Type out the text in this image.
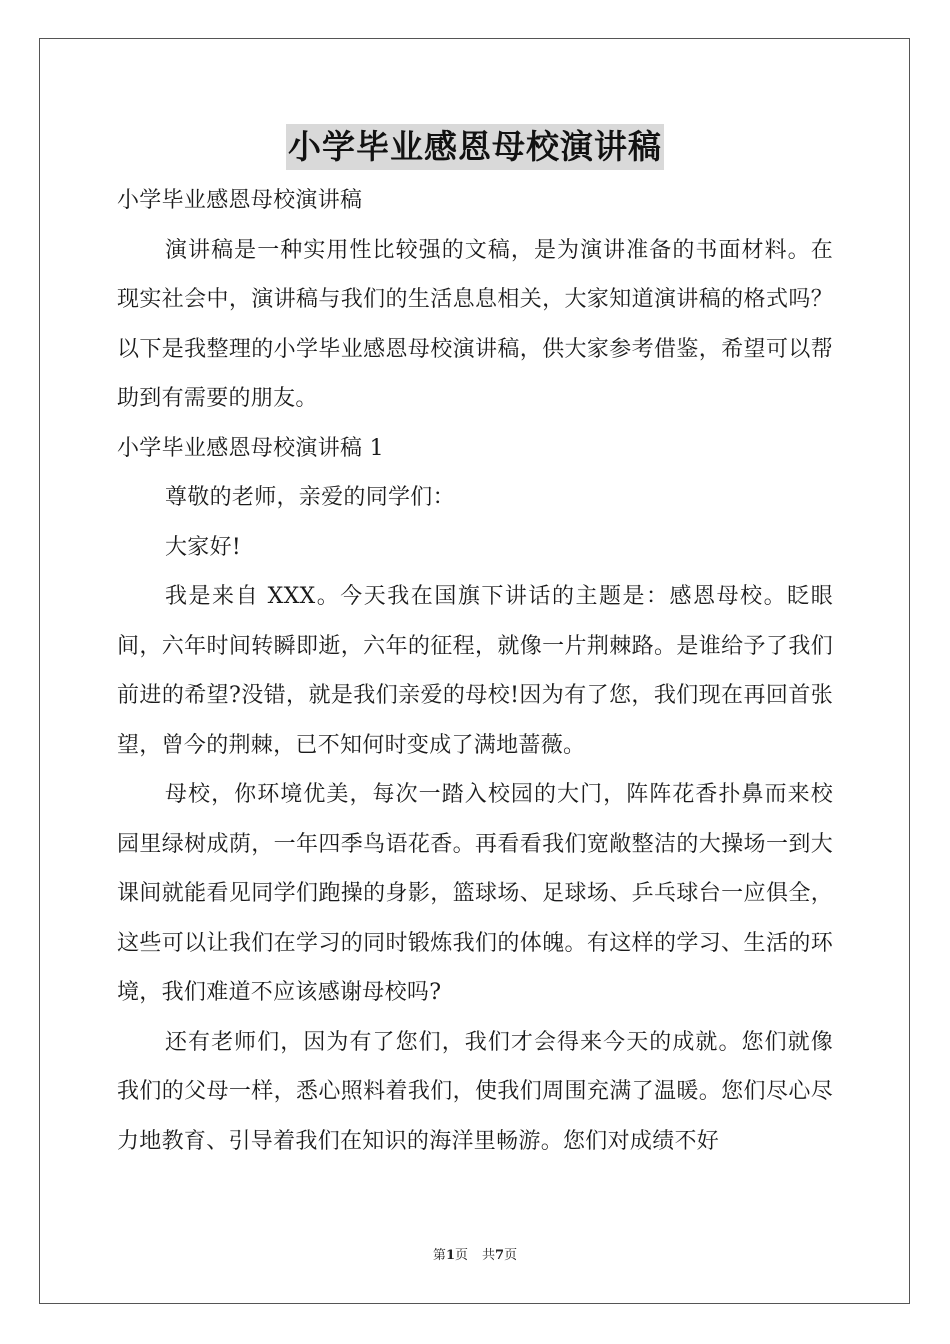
小学毕业感恩母校演讲稿

小学毕业感恩母校演讲稿

演讲稿是一种实用性比较强的文稿，是为演讲准备的书面材料。在现实社会中，演讲稿与我们的生活息息相关，大家知道演讲稿的格式吗？以下是我整理的小学毕业感恩母校演讲稿，供大家参考借鉴，希望可以帮助到有需要的朋友。

小学毕业感恩母校演讲稿 1

尊敬的老师，亲爱的同学们：

大家好!

我是来自 XXX。今天我在国旗下讲话的主题是：感恩母校。眨眼间，六年时间转瞬即逝，六年的征程，就像一片荆棘路。是谁给予了我们前进的希望?没错，就是我们亲爱的母校!因为有了您，我们现在再回首张望，曾今的荆棘，已不知何时变成了满地蔷薇。

母校，你环境优美，每次一踏入校园的大门，阵阵花香扑鼻而来校园里绿树成荫，一年四季鸟语花香。再看看我们宽敞整洁的大操场一到大课间就能看见同学们跑操的身影，篮球场、足球场、乒乓球台一应俱全，这些可以让我们在学习的同时锻炼我们的体魄。有这样的学习、生活的环境，我们难道不应该感谢母校吗?

还有老师们，因为有了您们，我们才会得来今天的成就。您们就像我们的父母一样，悉心照料着我们，使我们周围充满了温暖。您们尽心尽力地教育、引导着我们在知识的海洋里畅游。您们对成绩不好

第1页 共7页
